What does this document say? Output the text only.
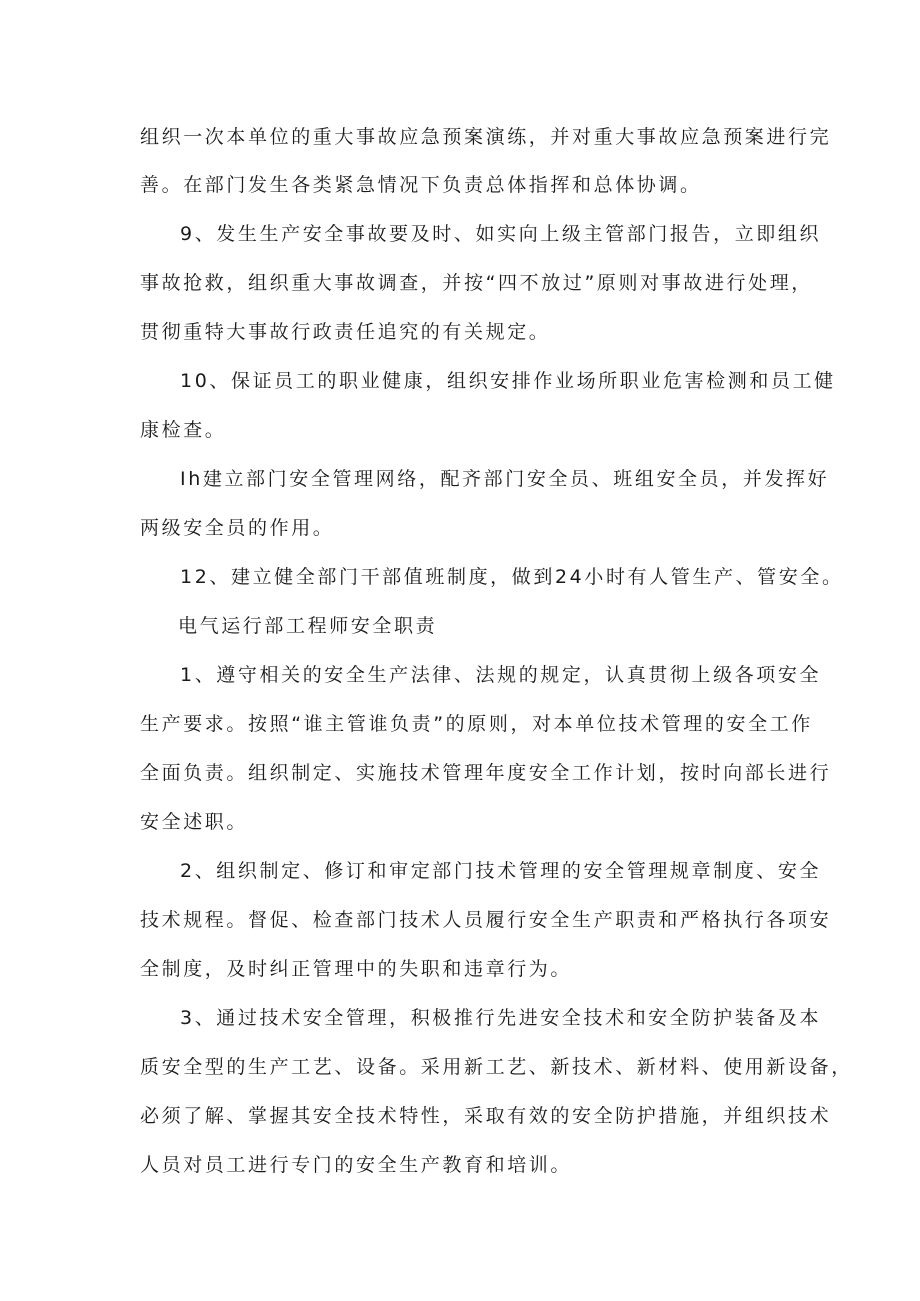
组织一次本单位的重大事故应急预案演练，并对重大事故应急预案进行完
善。在部门发生各类紧急情况下负责总体指挥和总体协调。
9、发生生产安全事故要及时、如实向上级主管部门报告，立即组织
事故抢救，组织重大事故调查，并按“四不放过”原则对事故进行处理，
贯彻重特大事故行政责任追究的有关规定。
10、保证员工的职业健康，组织安排作业场所职业危害检测和员工健
康检查。
Ih建立部门安全管理网络，配齐部门安全员、班组安全员，并发挥好
两级安全员的作用。
12、建立健全部门干部值班制度，做到24小时有人管生产、管安全。
电气运行部工程师安全职责
1、遵守相关的安全生产法律、法规的规定，认真贯彻上级各项安全
生产要求。按照“谁主管谁负责”的原则，对本单位技术管理的安全工作
全面负责。组织制定、实施技术管理年度安全工作计划，按时向部长进行
安全述职。
2、组织制定、修订和审定部门技术管理的安全管理规章制度、安全
技术规程。督促、检查部门技术人员履行安全生产职责和严格执行各项安
全制度，及时纠正管理中的失职和违章行为。
3、通过技术安全管理，积极推行先进安全技术和安全防护装备及本
质安全型的生产工艺、设备。采用新工艺、新技术、新材料、使用新设备，
必须了解、掌握其安全技术特性，采取有效的安全防护措施，并组织技术
人员对员工进行专门的安全生产教育和培训。
